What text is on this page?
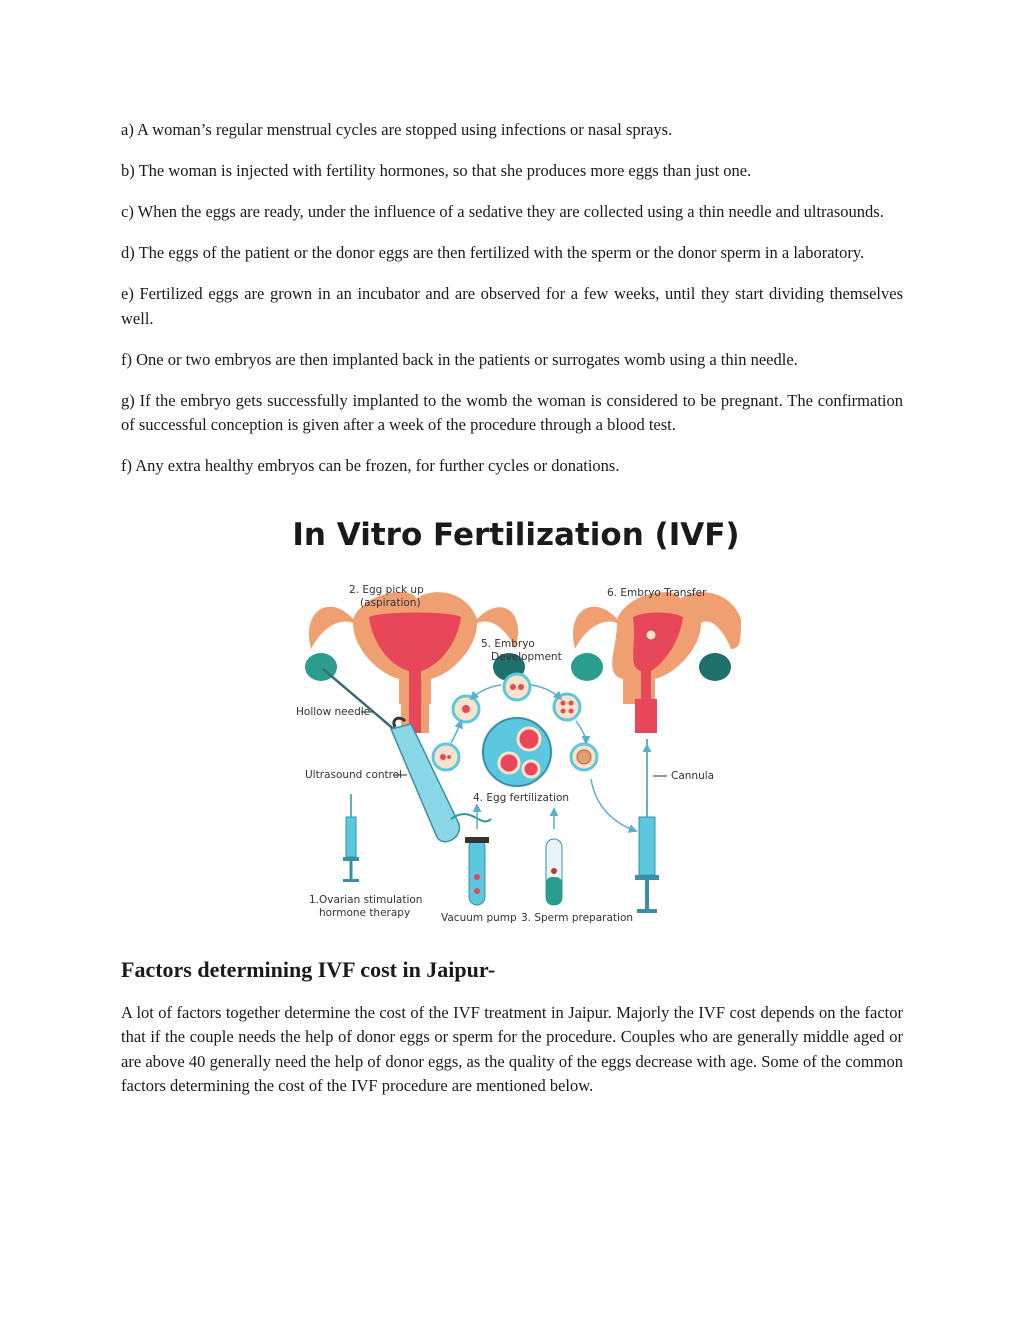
a) A woman’s regular menstrual cycles are stopped using infections or nasal sprays.

b) The woman is injected with fertility hormones, so that she produces more eggs than just one.

c) When the eggs are ready, under the influence of a sedative they are collected using a thin needle and ultrasounds.

d) The eggs of the patient or the donor eggs are then fertilized with the sperm or the donor sperm in a laboratory.

e) Fertilized eggs are grown in an incubator and are observed for a few weeks, until they start dividing themselves well.

f) One or two embryos are then implanted back in the patients or surrogates womb using a thin needle.

g) If the embryo gets successfully implanted to the womb the woman is considered to be pregnant. The confirmation of successful conception is given after a week of the procedure through a blood test.

f) Any extra healthy embryos can be frozen, for further cycles or donations.

In Vitro Fertilization (IVF)
2. Egg pick up
(aspiration)
Hollow needle
Ultrasound control
1.Ovarian stimulation
hormone therapy
5. Embryo
Development
4. Egg fertilization
Vacuum pump 3. Sperm preparation
6. Embryo Transfer
Cannula
Factors determining IVF cost in Jaipur-

A lot of factors together determine the cost of the IVF treatment in Jaipur. Majorly the IVF cost depends on the factor that if the couple needs the help of donor eggs or sperm for the procedure. Couples who are generally middle aged or are above 40 generally need the help of donor eggs, as the quality of the eggs decrease with age. Some of the common factors determining the cost of the IVF procedure are mentioned below.
